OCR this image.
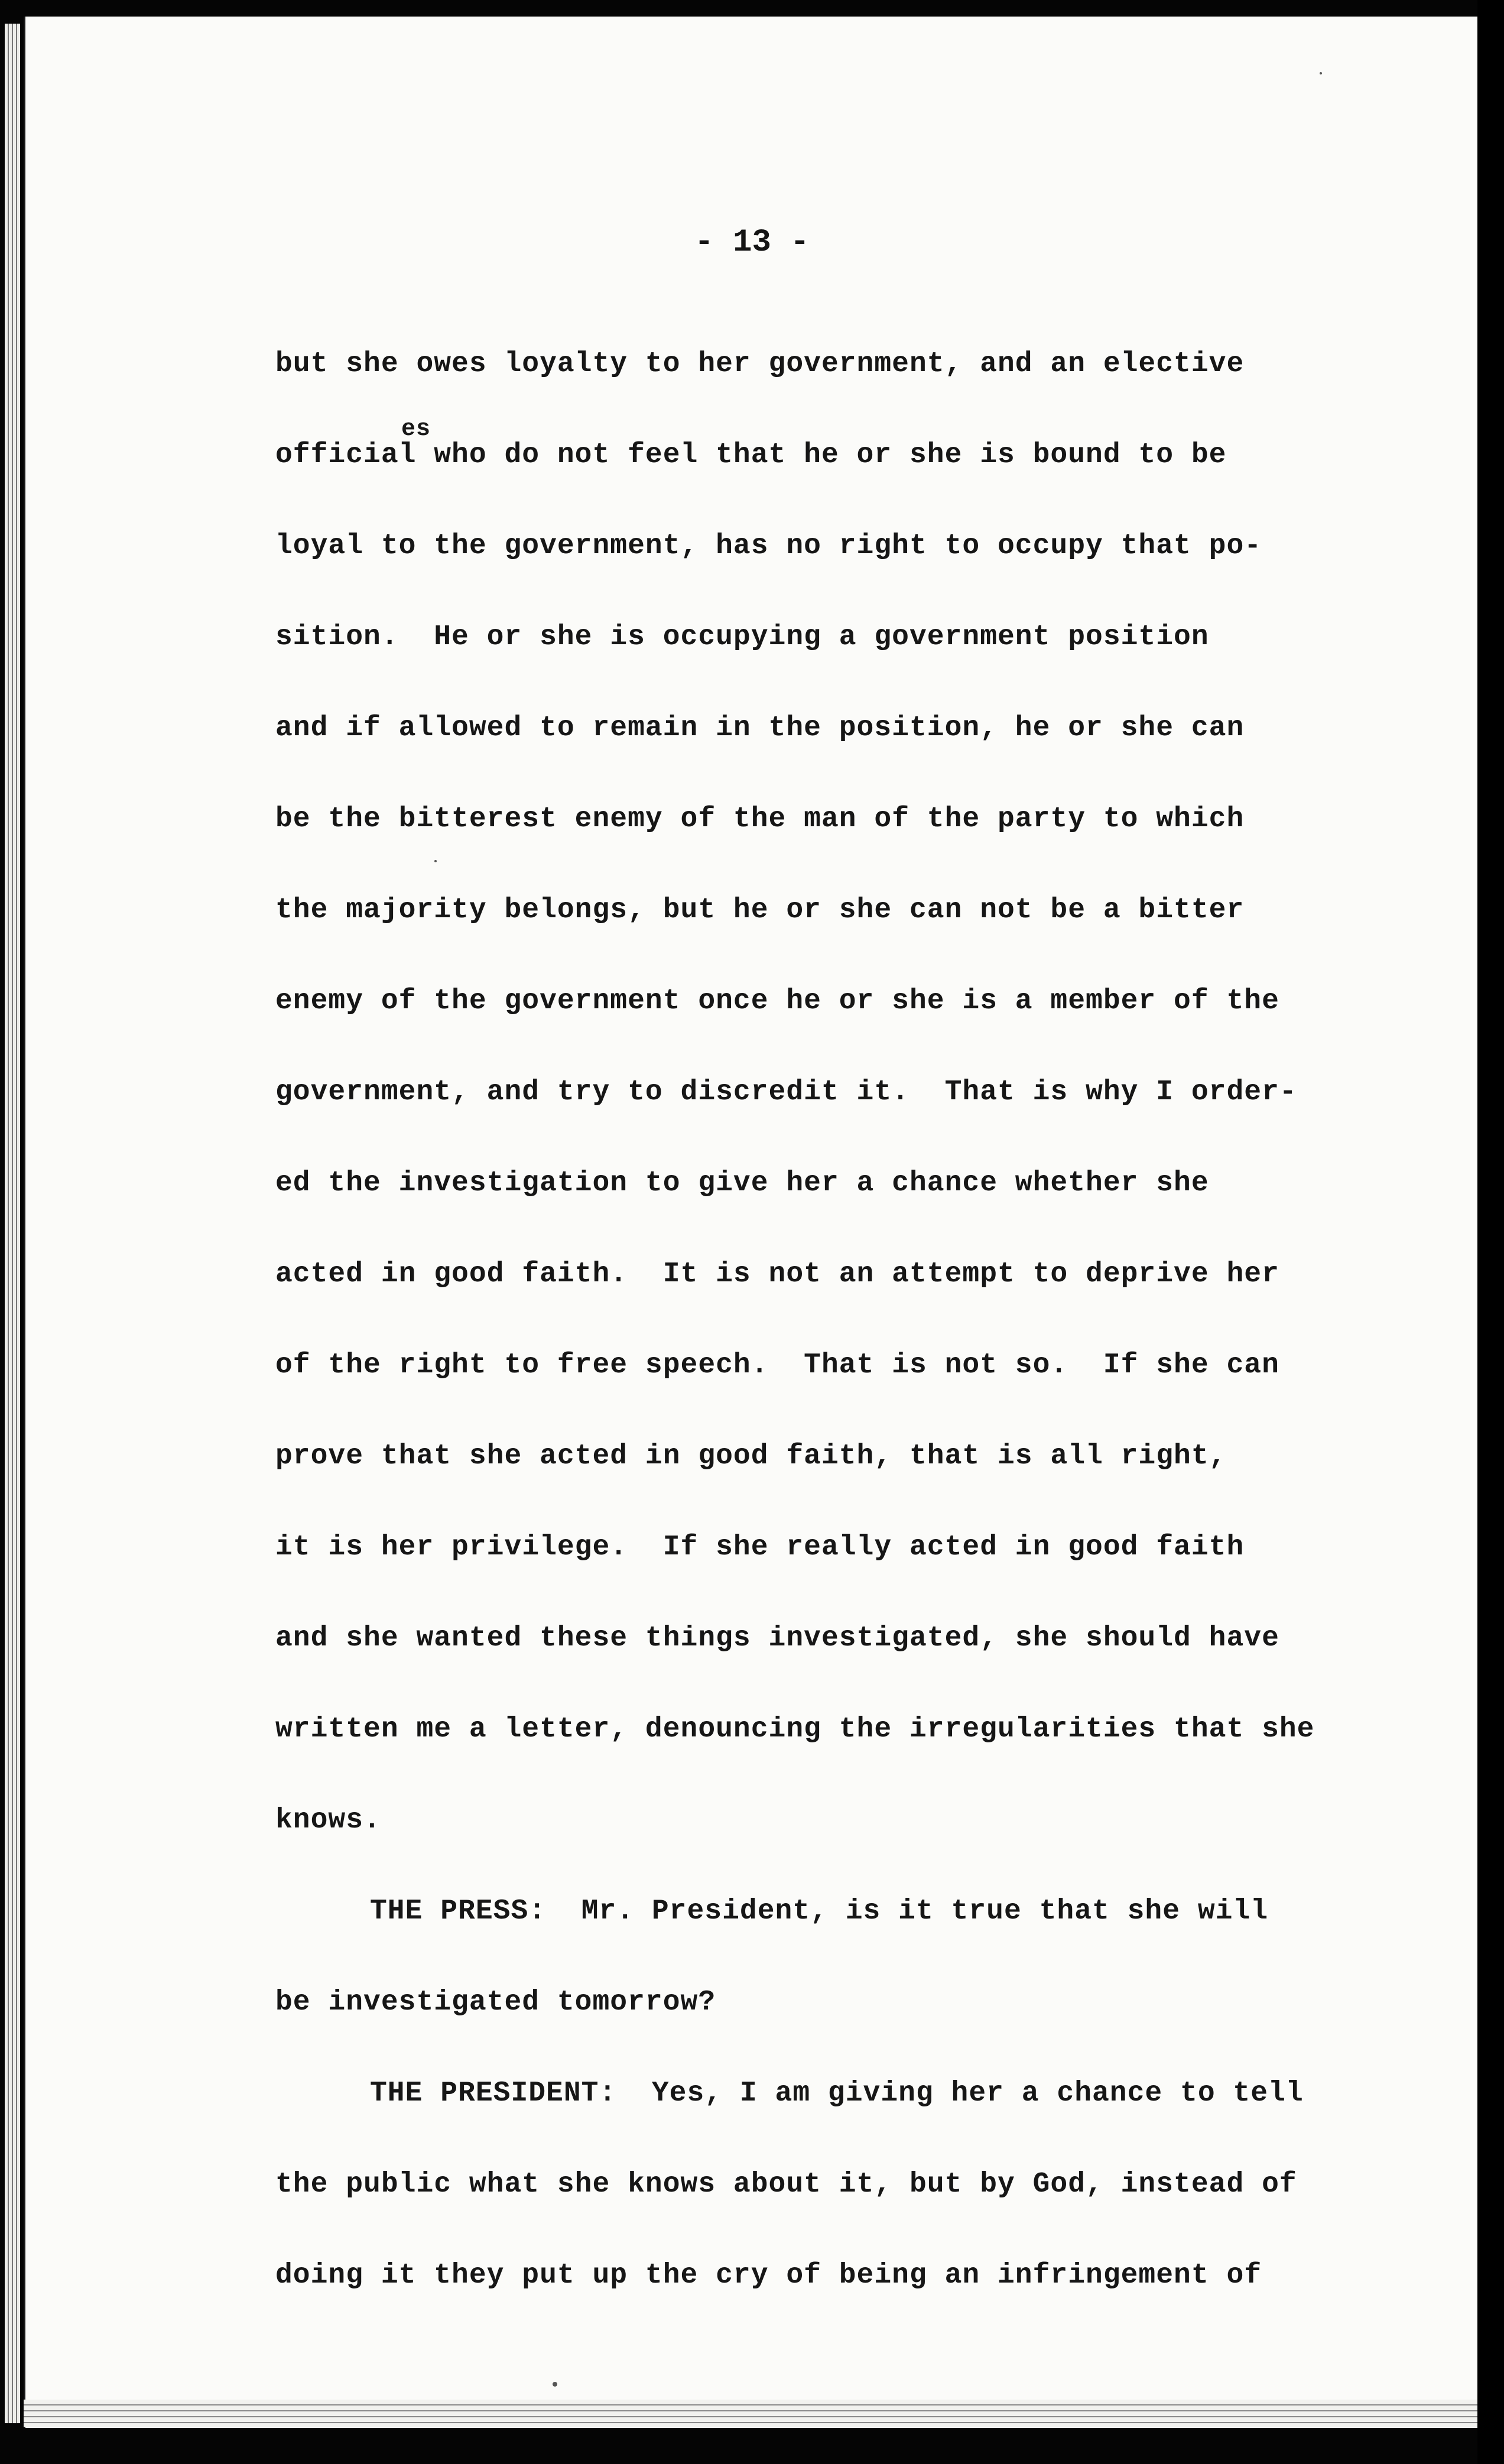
- 13 -
es
but she owes loyalty to her government, and an elective
official who do not feel that he or she is bound to be
loyal to the government, has no right to occupy that po-
sition.  He or she is occupying a government position
and if allowed to remain in the position, he or she can
be the bitterest enemy of the man of the party to which
the majority belongs, but he or she can not be a bitter
enemy of the government once he or she is a member of the
government, and try to discredit it.  That is why I order-
ed the investigation to give her a chance whether she
acted in good faith.  It is not an attempt to deprive her
of the right to free speech.  That is not so.  If she can
prove that she acted in good faith, that is all right,
it is her privilege.  If she really acted in good faith
and she wanted these things investigated, she should have
written me a letter, denouncing the irregularities that she
knows.
THE PRESS:  Mr. President, is it true that she will
be investigated tomorrow?
THE PRESIDENT:  Yes, I am giving her a chance to tell
the public what she knows about it, but by God, instead of
doing it they put up the cry of being an infringement of
